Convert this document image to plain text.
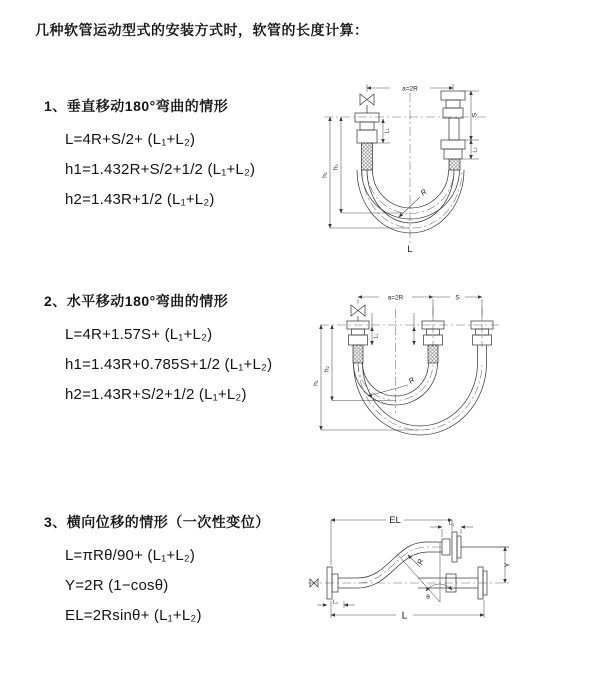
几种软管运动型式的安装方式时，软管的长度计算：
1、垂直移动180°弯曲的情形
L=4R+S/2+ (L₁+L₂)
h1=1.432R+S/2+1/2 (L₁+L₂)
h2=1.43R+1/2 (L₁+L₂)
a=2R
h₁
h₂
L₁
S
L₂
R
L
2、水平移动180°弯曲的情形
L=4R+1.57S+ (L₁+L₂)
h1=1.43R+0.785S+1/2 (L₁+L₂)
h2=1.43R+S/2+1/2 (L₁+L₂)
a=2R	S
h₁
h₂
L₁
R
3、横向位移的情形（一次性变位）
L=πRθ/90+ (L₁+L₂)
Y=2R (1−cosθ)
EL=2Rsinθ+ (L₁+L₂)
EL	L₁
Y
θ
R
L₁
L
